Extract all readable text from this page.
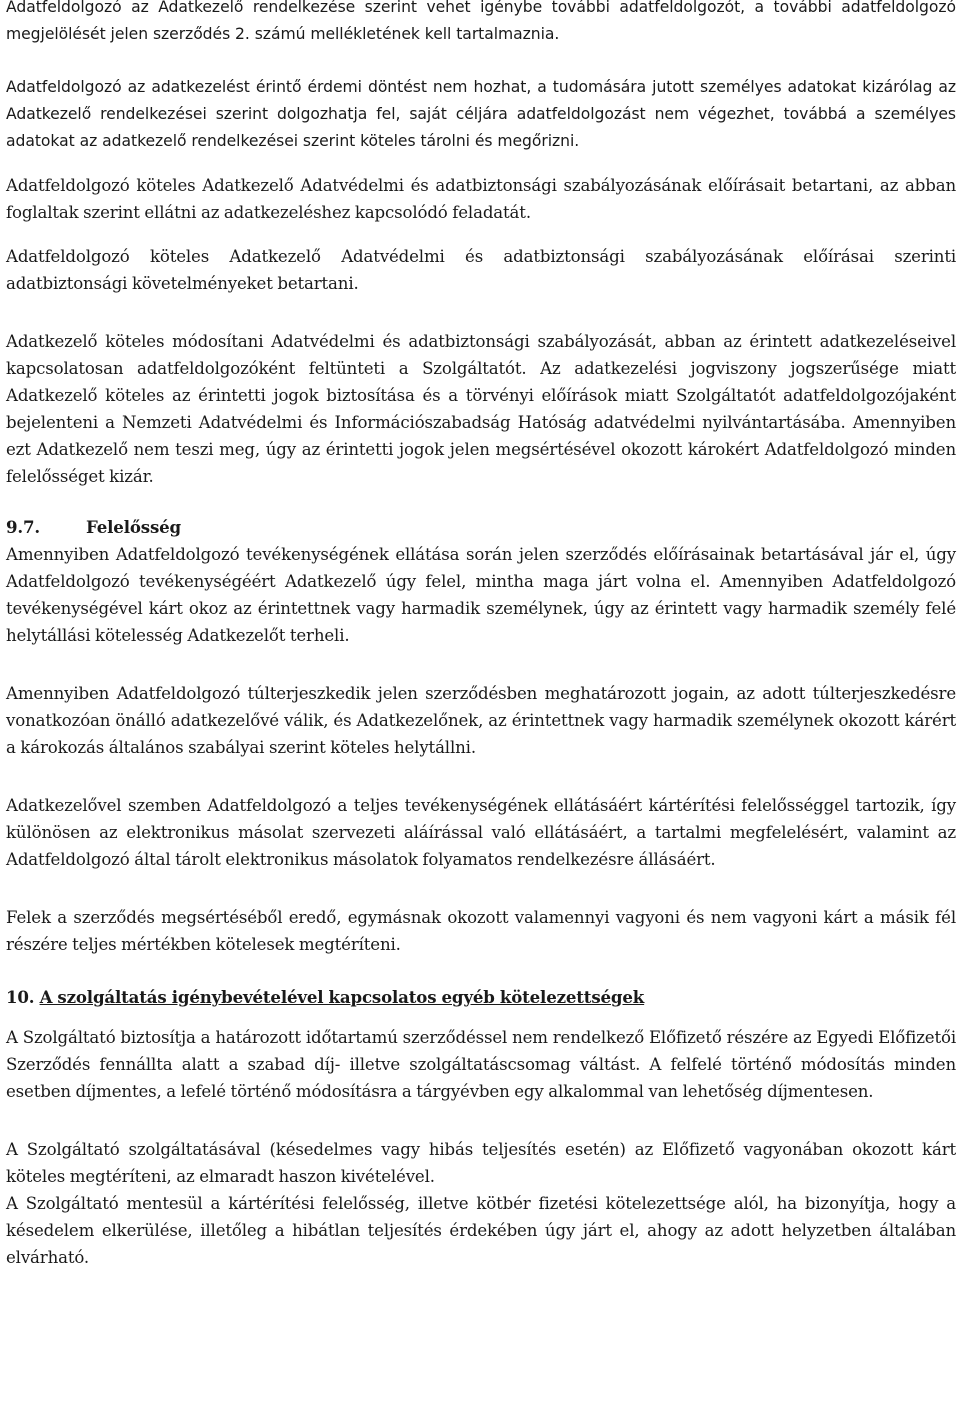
Adatfeldolgozó az Adatkezelő rendelkezése szerint vehet igénybe további adatfeldolgozót, a további adatfeldolgozó megjelölését jelen szerződés 2. számú mellékletének kell tartalmaznia.

Adatfeldolgozó az adatkezelést érintő érdemi döntést nem hozhat, a tudomására jutott személyes adatokat kizárólag az Adatkezelő rendelkezései szerint dolgozhatja fel, saját céljára adatfeldolgozást nem végezhet, továbbá a személyes adatokat az adatkezelő rendelkezései szerint köteles tárolni és megőrizni.

Adatfeldolgozó köteles Adatkezelő Adatvédelmi és adatbiztonsági szabályozásának előírásait betartani, az abban foglaltak szerint ellátni az adatkezeléshez kapcsolódó feladatát.

Adatfeldolgozó köteles Adatkezelő Adatvédelmi és adatbiztonsági szabályozásának előírásai szerinti adatbiztonsági követelményeket betartani.

Adatkezelő köteles módosítani Adatvédelmi és adatbiztonsági szabályozását, abban az érintett adatkezeléseivel kapcsolatosan adatfeldolgozóként feltünteti a Szolgáltatót. Az adatkezelési jogviszony jogszerűsége miatt Adatkezelő köteles az érintetti jogok biztosítása és a törvényi előírások miatt Szolgáltatót adatfeldolgozójaként bejelenteni a Nemzeti Adatvédelmi és Információszabadság Hatóság adatvédelmi nyilvántartásába. Amennyiben ezt Adatkezelő nem teszi meg, úgy az érintetti jogok jelen megsértésével okozott károkért Adatfeldolgozó minden felelősséget kizár.

9.7.	Felelősség

Amennyiben Adatfeldolgozó tevékenységének ellátása során jelen szerződés előírásainak betartásával jár el, úgy Adatfeldolgozó tevékenységéért Adatkezelő úgy felel, mintha maga járt volna el. Amennyiben Adatfeldolgozó tevékenységével kárt okoz az érintettnek vagy harmadik személynek, úgy az érintett vagy harmadik személy felé helytállási kötelesség Adatkezelőt terheli.

Amennyiben Adatfeldolgozó túlterjeszkedik jelen szerződésben meghatározott jogain, az adott túlterjeszkedésre vonatkozóan önálló adatkezelővé válik, és Adatkezelőnek, az érintettnek vagy harmadik személynek okozott kárért a károkozás általános szabályai szerint köteles helytállni.

Adatkezelővel szemben Adatfeldolgozó a teljes tevékenységének ellátásáért kártérítési felelősséggel tartozik, így különösen az elektronikus másolat szervezeti aláírással való ellátásáért, a tartalmi megfelelésért, valamint az Adatfeldolgozó által tárolt elektronikus másolatok folyamatos rendelkezésre állásáért.

Felek a szerződés megsértéséből eredő, egymásnak okozott valamennyi vagyoni és nem vagyoni kárt a másik fél részére teljes mértékben kötelesek megtéríteni.

10. A szolgáltatás igénybevételével kapcsolatos egyéb kötelezettségek

A Szolgáltató biztosítja a határozott időtartamú szerződéssel nem rendelkező Előfizető részére az Egyedi Előfizetői Szerződés fennállta alatt a szabad díj- illetve szolgáltatáscsomag váltást. A felfelé történő módosítás minden esetben díjmentes, a lefelé történő módosításra a tárgyévben egy alkalommal van lehetőség díjmentesen.

A Szolgáltató szolgáltatásával (késedelmes vagy hibás teljesítés esetén) az Előfizető vagyonában okozott kárt köteles megtéríteni, az elmaradt haszon kivételével.

A Szolgáltató mentesül a kártérítési felelősség, illetve kötbér fizetési kötelezettsége alól, ha bizonyítja, hogy a késedelem elkerülése, illetőleg a hibátlan teljesítés érdekében úgy járt el, ahogy az adott helyzetben általában elvárható.
